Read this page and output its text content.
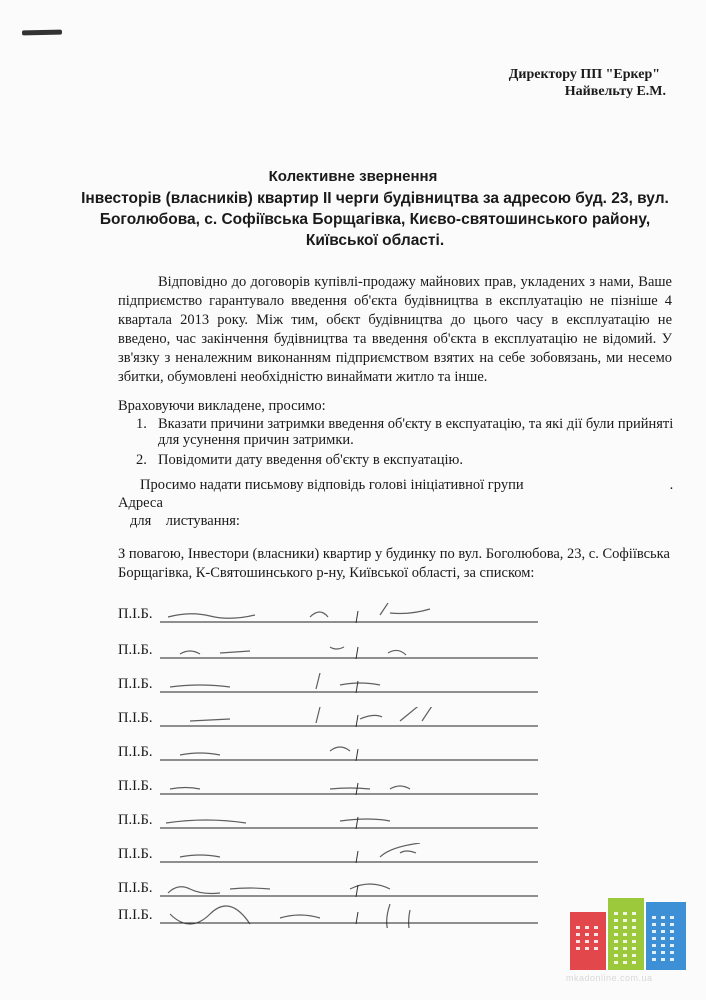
Директору ПП "Еркер"
Найвельту Е.М.
Колективне звернення
Інвесторів (власників) квартир ІІ черги будівництва за адресою буд. 23, вул. Боголюбова, с. Софіївська Борщагівка, Києво-святошинського району, Київської області.
Відповідно до договорів купівлі-продажу майнових прав, укладених з нами, Ваше підприємство гарантувало введення об'єкта будівництва в експлуатацію не пізніше 4 квартала 2013 року. Між тим, обєкт будівництва до цього часу в експлуатацію не введено, час закінчення будівництва та введення об'єкта в експлуатацію не відомий. У зв'язку з неналежним виконанням підприємством взятих на себе зобовязань, ми несемо збитки, обумовлені необхідністю винаймати житло та інше.
Враховуючи викладене, просимо:
1. Вказати причини затримки введення об'єкту в експуатацію, та які дії були прийняті для усунення причин затримки.
2. Повідомити дату введення об'єкту в експуатацію.
Просимо надати письмову відповідь голові ініціативної групи	. Адреса
для листування:
З повагою, Інвестори (власники) квартир у будинку по вул. Боголюбова, 23, с. Софіївська Борщагівка, К-Святошинського р-ну, Київської області, за списком:
П.І.Б.
П.І.Б.
П.І.Б.
П.І.Б.
П.І.Б.
П.І.Б.
П.І.Б.
П.І.Б.
П.І.Б.
П.І.Б.
mkadonline.com.ua
